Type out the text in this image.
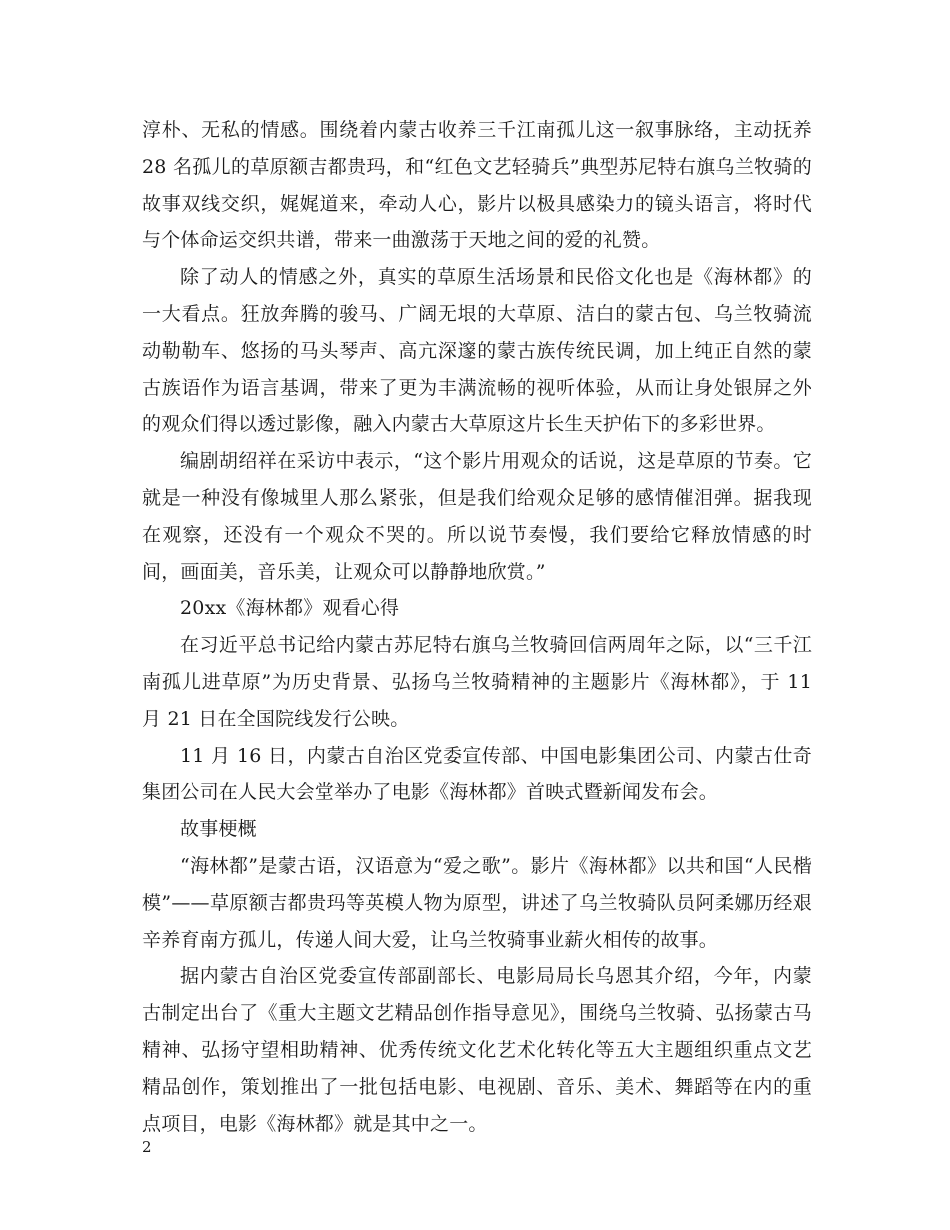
淳朴、无私的情感。围绕着内蒙古收养三千江南孤儿这一叙事脉络，主动抚养 28 名孤儿的草原额吉都贵玛，和“红色文艺轻骑兵”典型苏尼特右旗乌兰牧骑的故事双线交织，娓娓道来，牵动人心，影片以极具感染力的镜头语言，将时代与个体命运交织共谱，带来一曲激荡于天地之间的爱的礼赞。

除了动人的情感之外，真实的草原生活场景和民俗文化也是《海林都》的一大看点。狂放奔腾的骏马、广阔无垠的大草原、洁白的蒙古包、乌兰牧骑流动勒勒车、悠扬的马头琴声、高亢深邃的蒙古族传统民调，加上纯正自然的蒙古族语作为语言基调，带来了更为丰满流畅的视听体验，从而让身处银屏之外的观众们得以透过影像，融入内蒙古大草原这片长生天护佑下的多彩世界。

编剧胡绍祥在采访中表示，“这个影片用观众的话说，这是草原的节奏。它就是一种没有像城里人那么紧张，但是我们给观众足够的感情催泪弹。据我现在观察，还没有一个观众不哭的。所以说节奏慢，我们要给它释放情感的时间，画面美，音乐美，让观众可以静静地欣赏。”

20xx《海林都》观看心得

在习近平总书记给内蒙古苏尼特右旗乌兰牧骑回信两周年之际，以“三千江南孤儿进草原”为历史背景、弘扬乌兰牧骑精神的主题影片《海林都》，于 11 月 21 日在全国院线发行公映。

11 月 16 日，内蒙古自治区党委宣传部、中国电影集团公司、内蒙古仕奇集团公司在人民大会堂举办了电影《海林都》首映式暨新闻发布会。

故事梗概

“海林都”是蒙古语，汉语意为“爱之歌”。影片《海林都》以共和国“人民楷模”——草原额吉都贵玛等英模人物为原型，讲述了乌兰牧骑队员阿柔娜历经艰辛养育南方孤儿，传递人间大爱，让乌兰牧骑事业薪火相传的故事。

据内蒙古自治区党委宣传部副部长、电影局局长乌恩其介绍，今年，内蒙古制定出台了《重大主题文艺精品创作指导意见》，围绕乌兰牧骑、弘扬蒙古马精神、弘扬守望相助精神、优秀传统文化艺术化转化等五大主题组织重点文艺精品创作，策划推出了一批包括电影、电视剧、音乐、美术、舞蹈等在内的重点项目，电影《海林都》就是其中之一。

2
